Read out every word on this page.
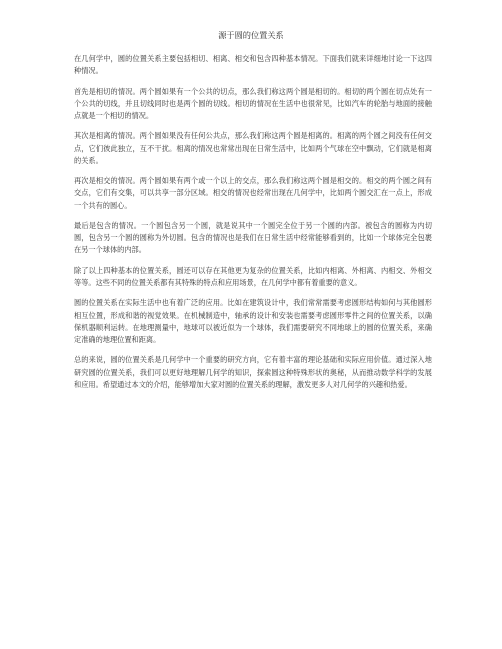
源于圆的位置关系

在几何学中，圆的位置关系主要包括相切、相离、相交和包含四种基本情况。下面我们就来详细地讨论一下这四种情况。

首先是相切的情况。两个圆如果有一个公共的切点，那么我们称这两个圆是相切的。相切的两个圆在切点处有一个公共的切线，并且切线同时也是两个圆的切线。相切的情况在生活中也很常见，比如汽车的轮胎与地面的接触点就是一个相切的情况。

其次是相离的情况。两个圆如果没有任何公共点，那么我们称这两个圆是相离的。相离的两个圆之间没有任何交点，它们彼此独立，互不干扰。相离的情况也常常出现在日常生活中，比如两个气球在空中飘动，它们就是相离的关系。

再次是相交的情况。两个圆如果有两个或一个以上的交点，那么我们称这两个圆是相交的。相交的两个圆之间有交点，它们有交集，可以共享一部分区域。相交的情况也经常出现在几何学中，比如两个圆交汇在一点上，形成一个共有的圆心。

最后是包含的情况。一个圆包含另一个圆，就是说其中一个圆完全位于另一个圆的内部。被包含的圆称为内切圆，包含另一个圆的圆称为外切圆。包含的情况也是我们在日常生活中经常能够看到的，比如一个球体完全包裹在另一个球体的内部。

除了以上四种基本的位置关系，圆还可以存在其他更为复杂的位置关系，比如内相离、外相离、内相交、外相交等等。这些不同的位置关系都有其特殊的特点和应用场景，在几何学中都有着重要的意义。

圆的位置关系在实际生活中也有着广泛的应用。比如在建筑设计中，我们常常需要考虑圆形结构如何与其他圆形相互位置，形成和谐的视觉效果。在机械制造中，轴承的设计和安装也需要考虑圆形零件之间的位置关系，以确保机器顺利运转。在地理测量中，地球可以被近似为一个球体，我们需要研究不同地球上的圆的位置关系，来确定准确的地理位置和距离。

总的来说，圆的位置关系是几何学中一个重要的研究方向，它有着丰富的理论基础和实际应用价值。通过深入地研究圆的位置关系，我们可以更好地理解几何学的知识，探索圆这种特殊形状的奥秘，从而推动数学科学的发展和应用。希望通过本文的介绍，能够增加大家对圆的位置关系的理解，激发更多人对几何学的兴趣和热爱。
